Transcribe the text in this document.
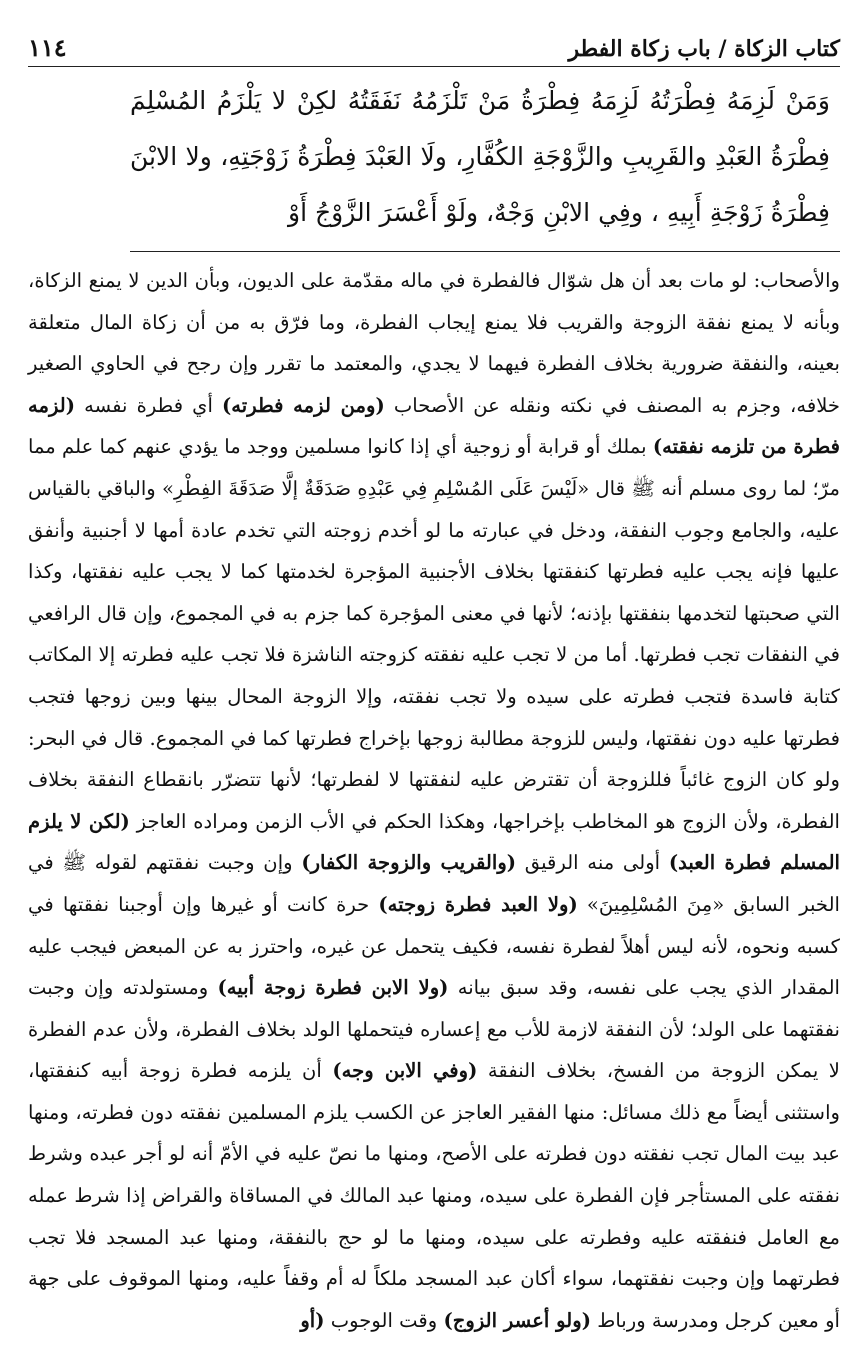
كتاب الزكاة / باب زكاة الفطر
١١٤
وَمَنْ لَزِمَهُ فِطْرَتُهُ لَزِمَهُ فِطْرَةُ مَنْ تَلْزَمُهُ نَفَقَتُهُ لكِنْ لا يَلْزَمُ المُسْلِمَ فِطْرَةُ العَبْدِ والقَرِيبِ والزَّوْجَةِ الكُفَّارِ، ولَا العَبْدَ فِطْرَةُ زَوْجَتِهِ، ولا الابْنَ فِطْرَةُ زَوْجَةِ أَبِيهِ ، وفِي الابْنِ وَجْهٌ، ولَوْ أَعْسَرَ الزَّوْجُ أَوْ

والأصحاب: لو مات بعد أن هل شوّال فالفطرة في ماله مقدّمة على الديون، وبأن الدين لا يمنع الزكاة، وبأنه لا يمنع نفقة الزوجة والقريب فلا يمنع إيجاب الفطرة، وما فرّق به من أن زكاة المال متعلقة بعينه، والنفقة ضرورية بخلاف الفطرة فيهما لا يجدي، والمعتمد ما تقرر وإن رجح في الحاوي الصغير خلافه، وجزم به المصنف في نكته ونقله عن الأصحاب (ومن لزمه فطرته) أي فطرة نفسه (لزمه فطرة من تلزمه نفقته) بملك أو قرابة أو زوجية أي إذا كانوا مسلمين ووجد ما يؤدي عنهم كما علم مما مرّ؛ لما روى مسلم أنه ﷺ قال «لَيْسَ عَلَى المُسْلِمِ فِي عَبْدِهِ صَدَقَةٌ إلَّا صَدَقَةَ الفِطْرِ» والباقي بالقياس عليه، والجامع وجوب النفقة، ودخل في عبارته ما لو أخدم زوجته التي تخدم عادة أمها لا أجنبية وأنفق عليها فإنه يجب عليه فطرتها كنفقتها بخلاف الأجنبية المؤجرة لخدمتها كما لا يجب عليه نفقتها، وكذا التي صحبتها لتخدمها بنفقتها بإذنه؛ لأنها في معنى المؤجرة كما جزم به في المجموع، وإن قال الرافعي في النفقات تجب فطرتها. أما من لا تجب عليه نفقته كزوجته الناشزة فلا تجب عليه فطرته إلا المكاتب كتابة فاسدة فتجب فطرته على سيده ولا تجب نفقته، وإلا الزوجة المحال بينها وبين زوجها فتجب فطرتها عليه دون نفقتها، وليس للزوجة مطالبة زوجها بإخراج فطرتها كما في المجموع. قال في البحر: ولو كان الزوج غائباً فللزوجة أن تقترض عليه لنفقتها لا لفطرتها؛ لأنها تتضرّر بانقطاع النفقة بخلاف الفطرة، ولأن الزوج هو المخاطب بإخراجها، وهكذا الحكم في الأب الزمن ومراده العاجز (لكن لا يلزم المسلم فطرة العبد) أولى منه الرقيق (والقريب والزوجة الكفار) وإن وجبت نفقتهم لقوله ﷺ في الخبر السابق «مِنَ المُسْلِمِينَ» (ولا العبد فطرة زوجته) حرة كانت أو غيرها وإن أوجبنا نفقتها في كسبه ونحوه، لأنه ليس أهلاً لفطرة نفسه، فكيف يتحمل عن غيره، واحترز به عن المبعض فيجب عليه المقدار الذي يجب على نفسه، وقد سبق بيانه (ولا الابن فطرة زوجة أبيه) ومستولدته وإن وجبت نفقتهما على الولد؛ لأن النفقة لازمة للأب مع إعساره فيتحملها الولد بخلاف الفطرة، ولأن عدم الفطرة لا يمكن الزوجة من الفسخ، بخلاف النفقة (وفي الابن وجه) أن يلزمه فطرة زوجة أبيه كنفقتها، واستثنى أيضاً مع ذلك مسائل: منها الفقير العاجز عن الكسب يلزم المسلمين نفقته دون فطرته، ومنها عبد بيت المال تجب نفقته دون فطرته على الأصح، ومنها ما نصّ عليه في الأمّ أنه لو أجر عبده وشرط نفقته على المستأجر فإن الفطرة على سيده، ومنها عبد المالك في المساقاة والقراض إذا شرط عمله مع العامل فنفقته عليه وفطرته على سيده، ومنها ما لو حج بالنفقة، ومنها عبد المسجد فلا تجب فطرتهما وإن وجبت نفقتهما، سواء أكان عبد المسجد ملكاً له أم وقفاً عليه، ومنها الموقوف على جهة أو معين كرجل ومدرسة ورباط (ولو أعسر الزوج) وقت الوجوب (أو
